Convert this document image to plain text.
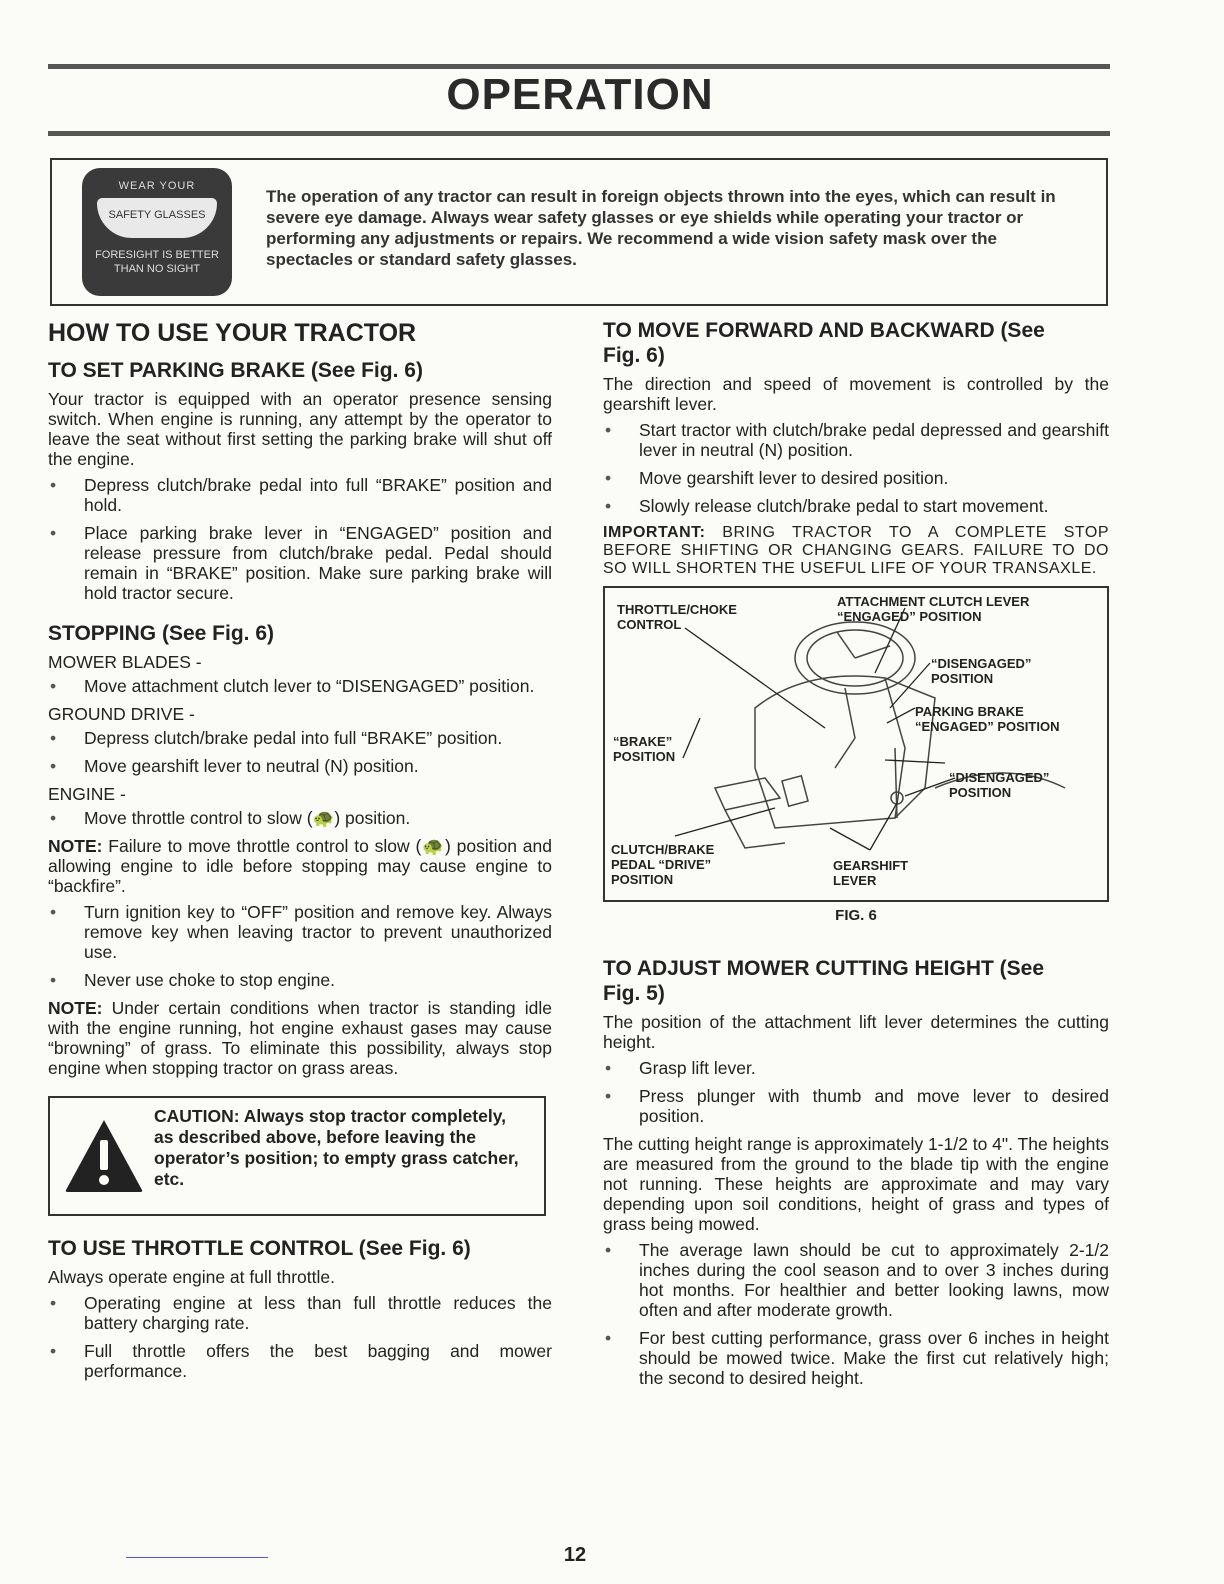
OPERATION
WEAR YOUR
SAFETY GLASSES
FORESIGHT IS BETTER THAN NO SIGHT
The operation of any tractor can result in foreign objects thrown into the eyes, which can result in severe eye damage. Always wear safety glasses or eye shields while operating your tractor or performing any adjustments or repairs. We recommend a wide vision safety mask over the spectacles or standard safety glasses.
HOW TO USE YOUR TRACTOR
TO SET PARKING BRAKE (See Fig. 6)

Your tractor is equipped with an operator presence sensing switch. When engine is running, any attempt by the operator to leave the seat without first setting the parking brake will shut off the engine.

• Depress clutch/brake pedal into full “BRAKE” position and hold.
• Place parking brake lever in “ENGAGED” position and release pressure from clutch/brake pedal. Pedal should remain in “BRAKE” position. Make sure parking brake will hold tractor secure.
STOPPING (See Fig. 6)
MOWER BLADES -
• Move attachment clutch lever to “DISENGAGED” position.
GROUND DRIVE -
• Depress clutch/brake pedal into full “BRAKE” position.
• Move gearshift lever to neutral (N) position.
ENGINE -
• Move throttle control to slow (🐢) position.

NOTE: Failure to move throttle control to slow (🐢) position and allowing engine to idle before stopping may cause engine to “backfire”.

• Turn ignition key to “OFF” position and remove key. Always remove key when leaving tractor to prevent unauthorized use.
• Never use choke to stop engine.

NOTE: Under certain conditions when tractor is standing idle with the engine running, hot engine exhaust gases may cause “browning” of grass. To eliminate this possibility, always stop engine when stopping tractor on grass areas.

CAUTION: Always stop tractor completely, as described above, before leaving the operator’s position; to empty grass catcher, etc.
TO USE THROTTLE CONTROL (See Fig. 6)

Always operate engine at full throttle.

• Operating engine at less than full throttle reduces the battery charging rate.
• Full throttle offers the best bagging and mower performance.
TO MOVE FORWARD AND BACKWARD (See Fig. 6)

The direction and speed of movement is controlled by the gearshift lever.

• Start tractor with clutch/brake pedal depressed and gearshift lever in neutral (N) position.
• Move gearshift lever to desired position.
• Slowly release clutch/brake pedal to start movement.

IMPORTANT: BRING TRACTOR TO A COMPLETE STOP BEFORE SHIFTING OR CHANGING GEARS. FAILURE TO DO SO WILL SHORTEN THE USEFUL LIFE OF YOUR TRANSAXLE.

THROTTLE/CHOKE CONTROL
ATTACHMENT CLUTCH LEVER “ENGAGED” POSITION
“DISENGAGED” POSITION
PARKING BRAKE “ENGAGED” POSITION
“BRAKE” POSITION
“DISENGAGED” POSITION
CLUTCH/BRAKE PEDAL “DRIVE” POSITION
GEARSHIFT LEVER
FIG. 6
TO ADJUST MOWER CUTTING HEIGHT (See Fig. 5)

The position of the attachment lift lever determines the cutting height.

• Grasp lift lever.
• Press plunger with thumb and move lever to desired position.

The cutting height range is approximately 1-1/2 to 4". The heights are measured from the ground to the blade tip with the engine not running. These heights are approximate and may vary depending upon soil conditions, height of grass and types of grass being mowed.

• The average lawn should be cut to approximately 2-1/2 inches during the cool season and to over 3 inches during hot months. For healthier and better looking lawns, mow often and after moderate growth.
• For best cutting performance, grass over 6 inches in height should be mowed twice. Make the first cut relatively high; the second to desired height.
12
